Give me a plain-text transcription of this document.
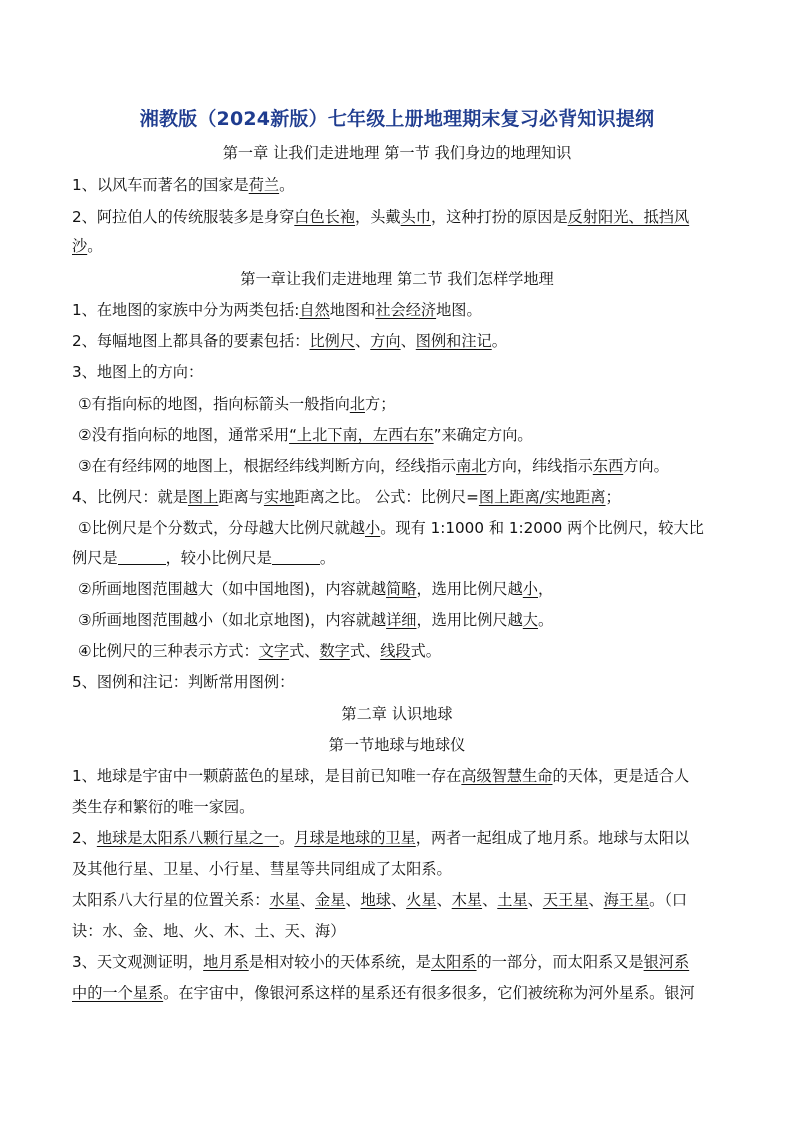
湘教版（2024新版）七年级上册地理期末复习必背知识提纲
第一章 让我们走进地理 第一节 我们身边的地理知识
1、以风车而著名的国家是荷兰。
2、阿拉伯人的传统服装多是身穿白色长袍，头戴头巾，这种打扮的原因是反射阳光、抵挡风
沙。
第一章让我们走进地理 第二节 我们怎样学地理
1、在地图的家族中分为两类包括:自然地图和社会经济地图。
2、每幅地图上都具备的要素包括：比例尺、方向、图例和注记。
3、地图上的方向：
①有指向标的地图，指向标箭头一般指向北方；
②没有指向标的地图，通常采用“上北下南，左西右东”来确定方向。
③在有经纬网的地图上，根据经纬线判断方向，经线指示南北方向，纬线指示东西方向。
4、比例尺：就是图上距离与实地距离之比。 公式：比例尺=图上距离/实地距离；
①比例尺是个分数式，分母越大比例尺就越小。现有 1:1000 和 1:2000 两个比例尺，较大比
例尺是	，较小比例尺是	。
②所画地图范围越大（如中国地图)，内容就越简略，选用比例尺越小，
③所画地图范围越小（如北京地图)，内容就越详细，选用比例尺越大。
④比例尺的三种表示方式：文字式、数字式、线段式。
5、图例和注记：判断常用图例：
第二章 认识地球
第一节地球与地球仪
1、地球是宇宙中一颗蔚蓝色的星球，是目前已知唯一存在高级智慧生命的天体，更是适合人
类生存和繁衍的唯一家园。
2、地球是太阳系八颗行星之一。月球是地球的卫星，两者一起组成了地月系。地球与太阳以
及其他行星、卫星、小行星、彗星等共同组成了太阳系。
太阳系八大行星的位置关系：水星、金星、地球、火星、木星、土星、天王星、海王星。（口
诀：水、金、地、火、木、土、天、海）
3、天文观测证明，地月系是相对较小的天体系统，是太阳系的一部分，而太阳系又是银河系
中的一个星系。在宇宙中，像银河系这样的星系还有很多很多，它们被统称为河外星系。银河
